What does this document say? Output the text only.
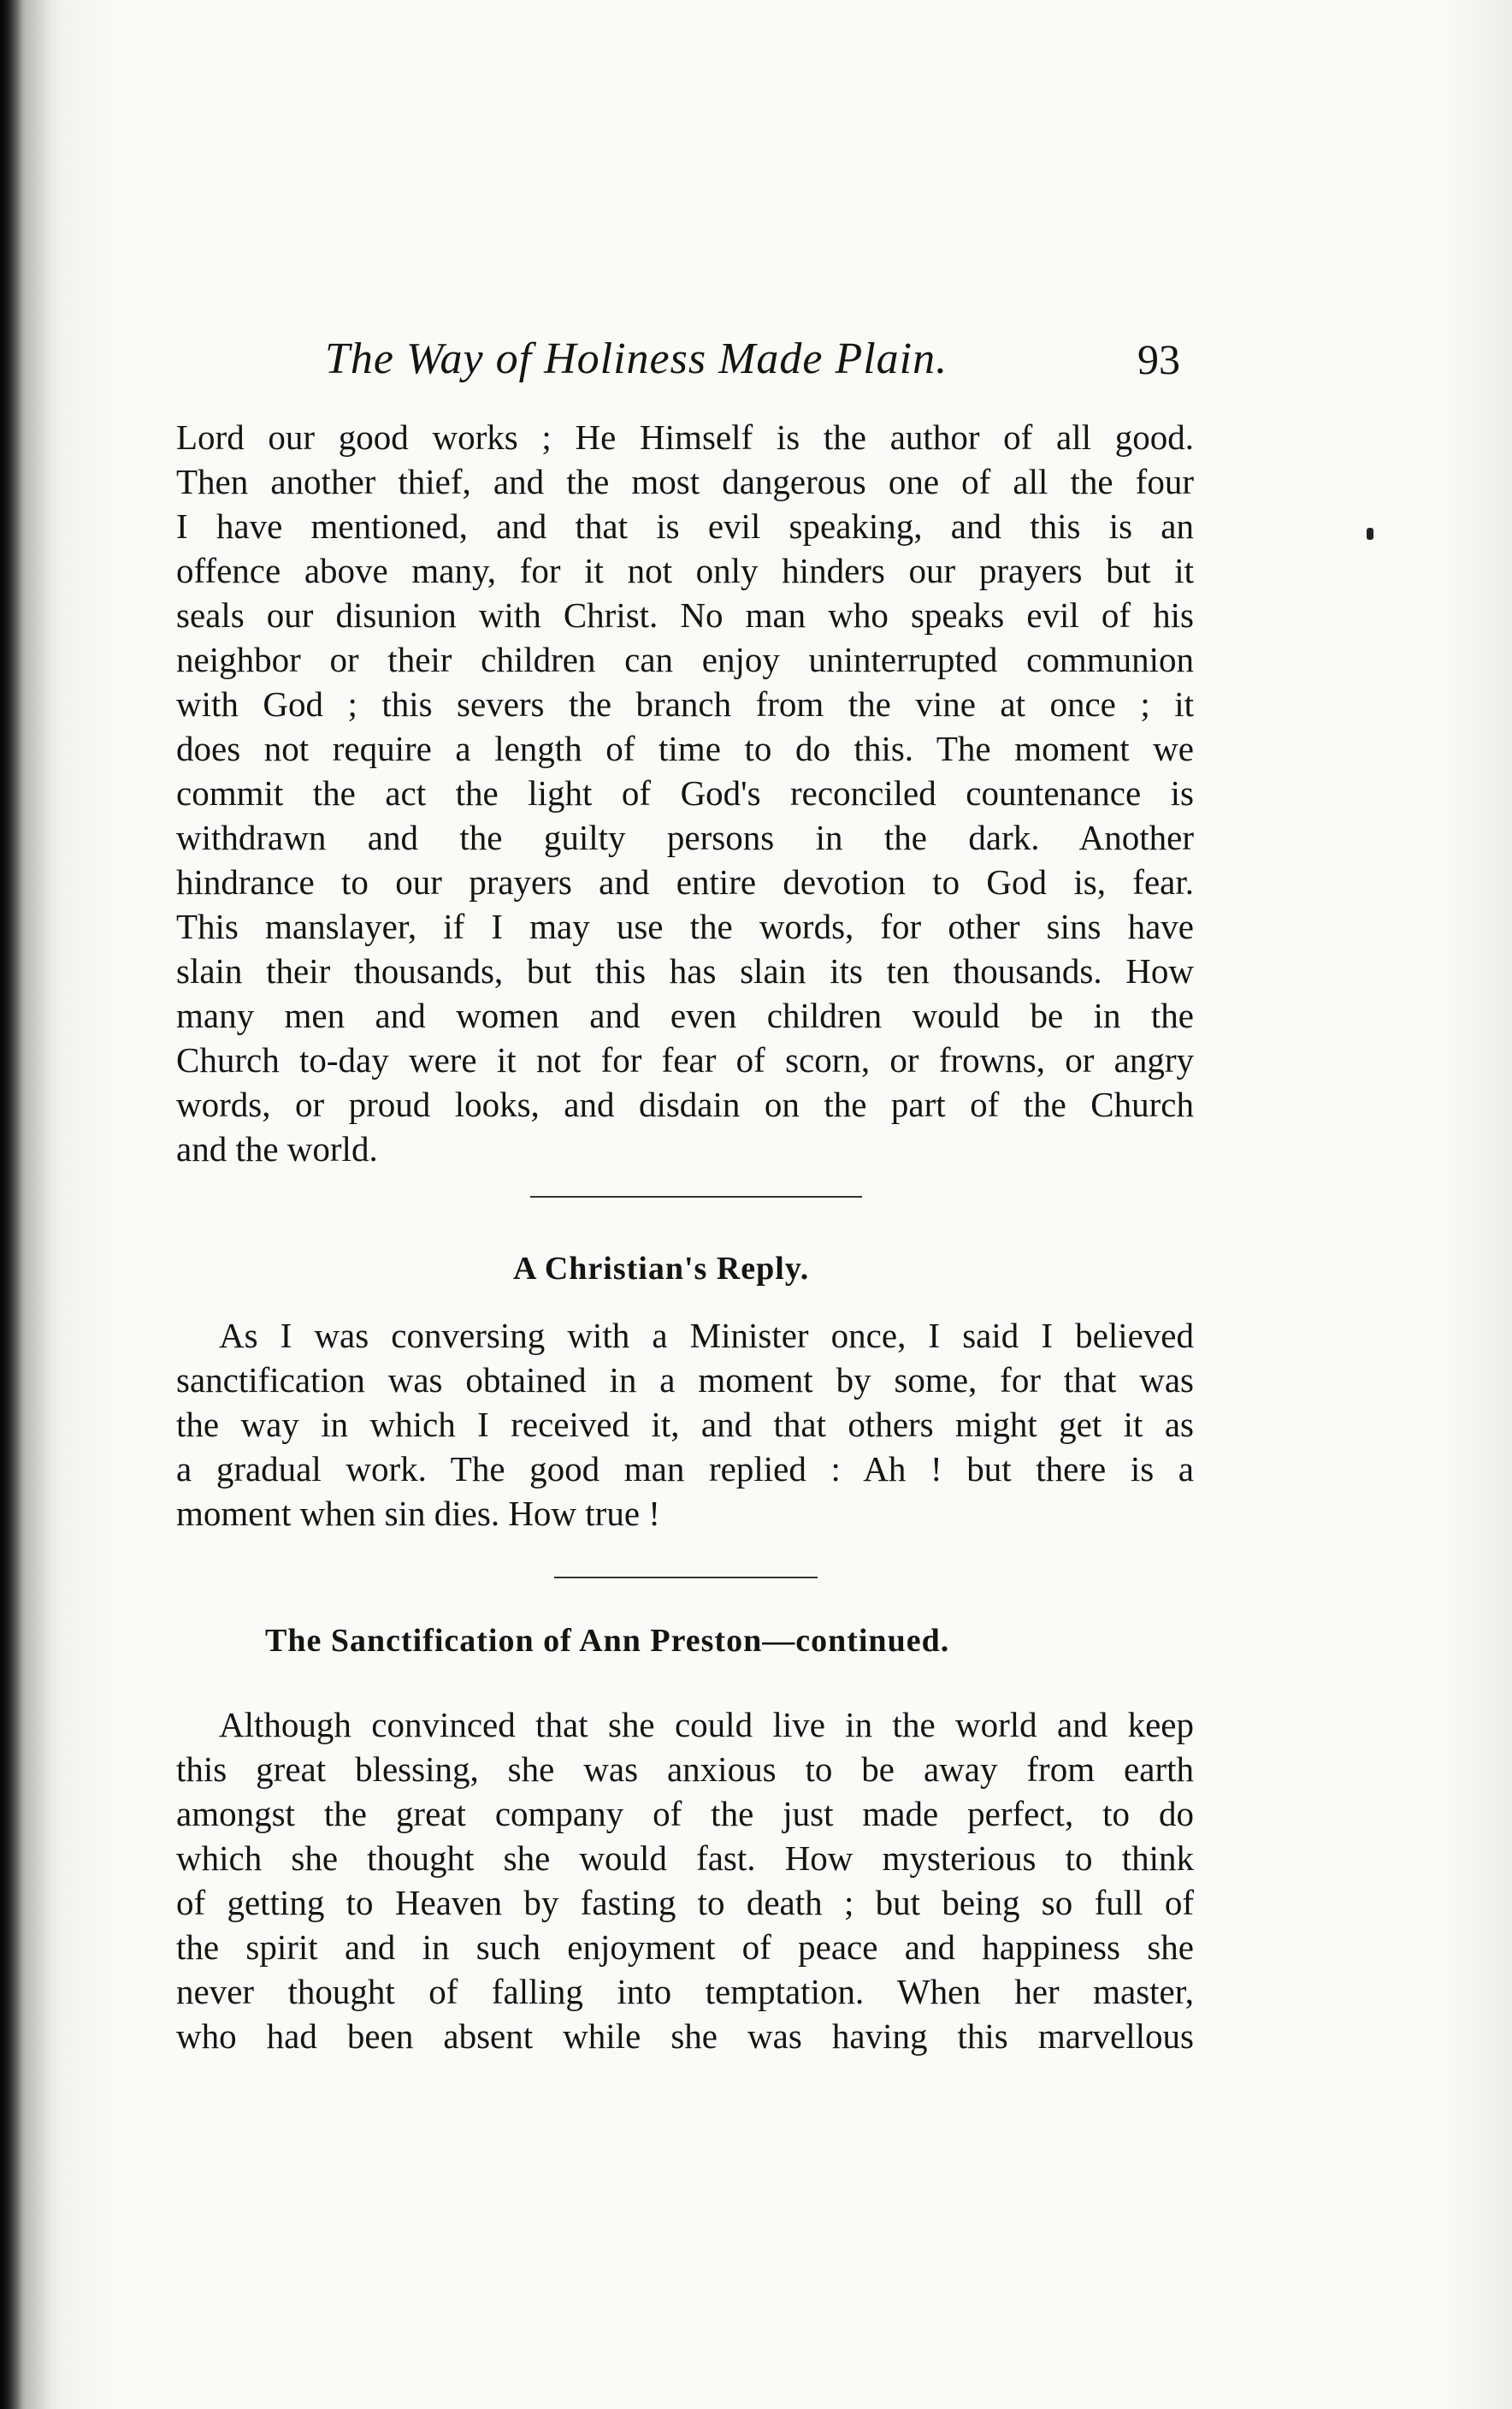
The Way of Holiness Made Plain.	93
Lord our good works ; He Himself is the author of all good.
Then another thief, and the most dangerous one of all the four
I have mentioned, and that is evil speaking, and this is an
offence above many, for it not only hinders our prayers but it
seals our disunion with Christ. No man who speaks evil of his
neighbor or their children can enjoy uninterrupted communion
with God ; this severs the branch from the vine at once ; it
does not require a length of time to do this. The moment we
commit the act the light of God's reconciled countenance is
withdrawn and the guilty persons in the dark. Another
hindrance to our prayers and entire devotion to God is, fear.
This manslayer, if I may use the words, for other sins have
slain their thousands, but this has slain its ten thousands. How
many men and women and even children would be in the
Church to-day were it not for fear of scorn, or frowns, or angry
words, or proud looks, and disdain on the part of the Church
and the world.
A Christian's Reply.
As I was conversing with a Minister once, I said I believed
sanctification was obtained in a moment by some, for that was
the way in which I received it, and that others might get it as
a gradual work. The good man replied : Ah ! but there is a
moment when sin dies. How true !
The Sanctification of Ann Preston—continued.
Although convinced that she could live in the world and keep
this great blessing, she was anxious to be away from earth
amongst the great company of the just made perfect, to do
which she thought she would fast. How mysterious to think
of getting to Heaven by fasting to death ; but being so full of
the spirit and in such enjoyment of peace and happiness she
never thought of falling into temptation. When her master,
who had been absent while she was having this marvellous
